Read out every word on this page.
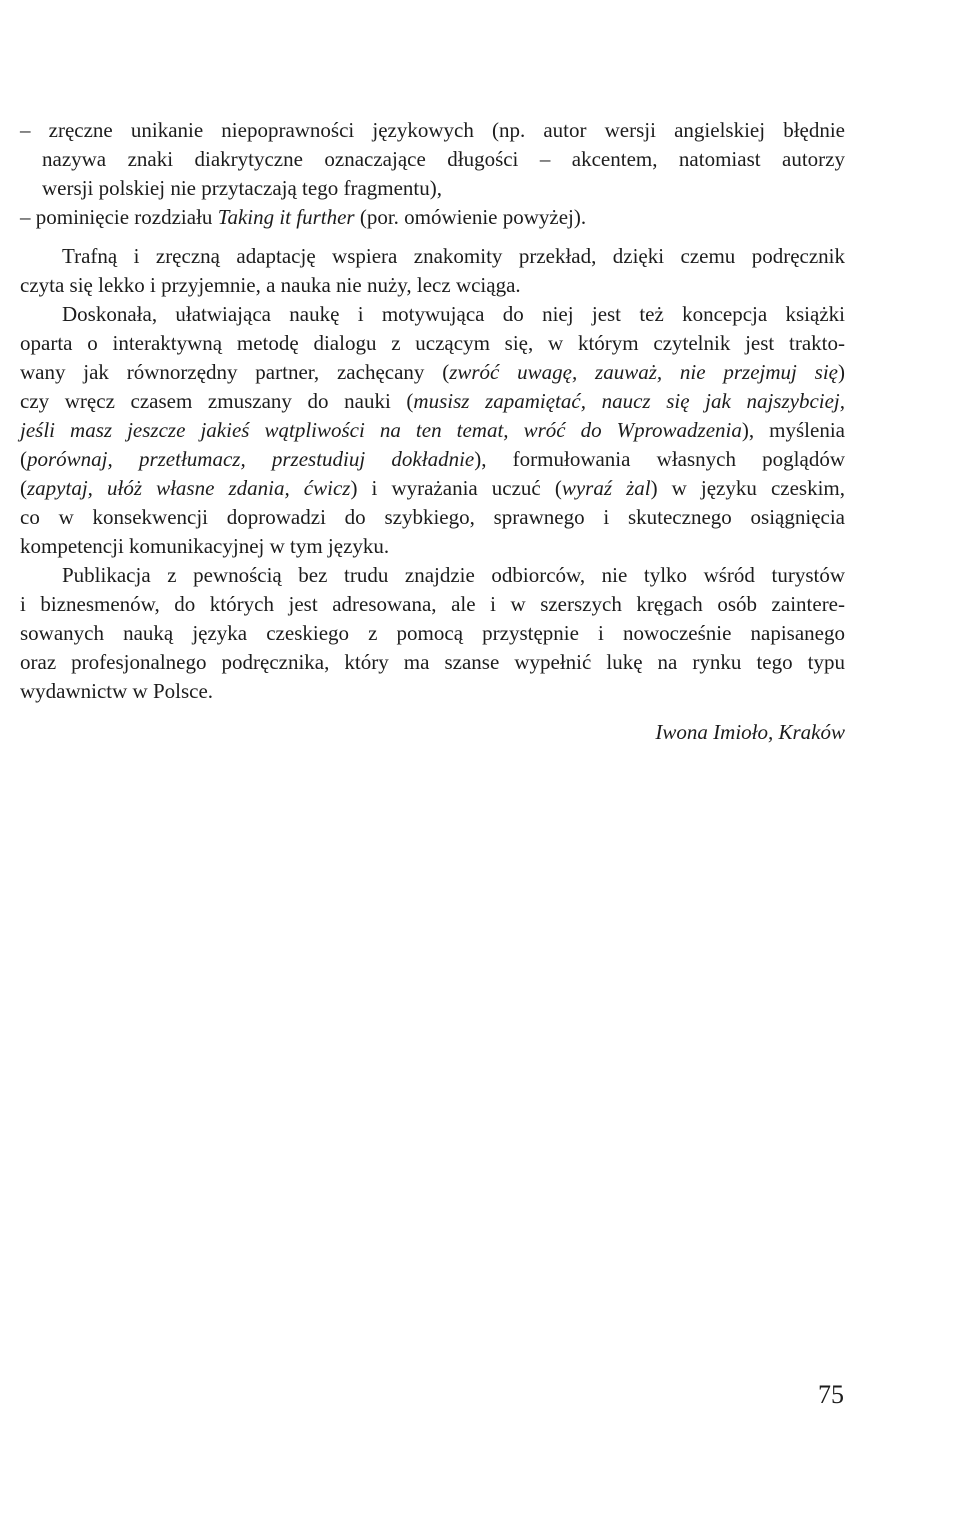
– zręczne unikanie niepoprawności językowych (np. autor wersji angielskiej błędnie
nazywa znaki diakrytyczne oznaczające długości – akcentem, natomiast autorzy
wersji polskiej nie przytaczają tego fragmentu),
– pominięcie rozdziału Taking it further (por. omówienie powyżej).
Trafną i zręczną adaptację wspiera znakomity przekład, dzięki czemu podręcznik
czyta się lekko i przyjemnie, a nauka nie nuży, lecz wciąga.
Doskonała, ułatwiająca naukę i motywująca do niej jest też koncepcja książki
oparta o interaktywną metodę dialogu z uczącym się, w którym czytelnik jest trakto-
wany jak równorzędny partner, zachęcany (zwróć uwagę, zauważ, nie przejmuj się)
czy wręcz czasem zmuszany do nauki (musisz zapamiętać, naucz się jak najszybciej,
jeśli masz jeszcze jakieś wątpliwości na ten temat, wróć do Wprowadzenia), myślenia
(porównaj, przetłumacz, przestudiuj dokładnie), formułowania własnych poglądów
(zapytaj, ułóż własne zdania, ćwicz) i wyrażania uczuć (wyraź żal) w języku czeskim,
co w konsekwencji doprowadzi do szybkiego, sprawnego i skutecznego osiągnięcia
kompetencji komunikacyjnej w tym języku.
Publikacja z pewnością bez trudu znajdzie odbiorców, nie tylko wśród turystów
i biznesmenów, do których jest adresowana, ale i w szerszych kręgach osób zaintere-
sowanych nauką języka czeskiego z pomocą przystępnie i nowocześnie napisanego
oraz profesjonalnego podręcznika, który ma szanse wypełnić lukę na rynku tego typu
wydawnictw w Polsce.
Iwona Imioło, Kraków
75
